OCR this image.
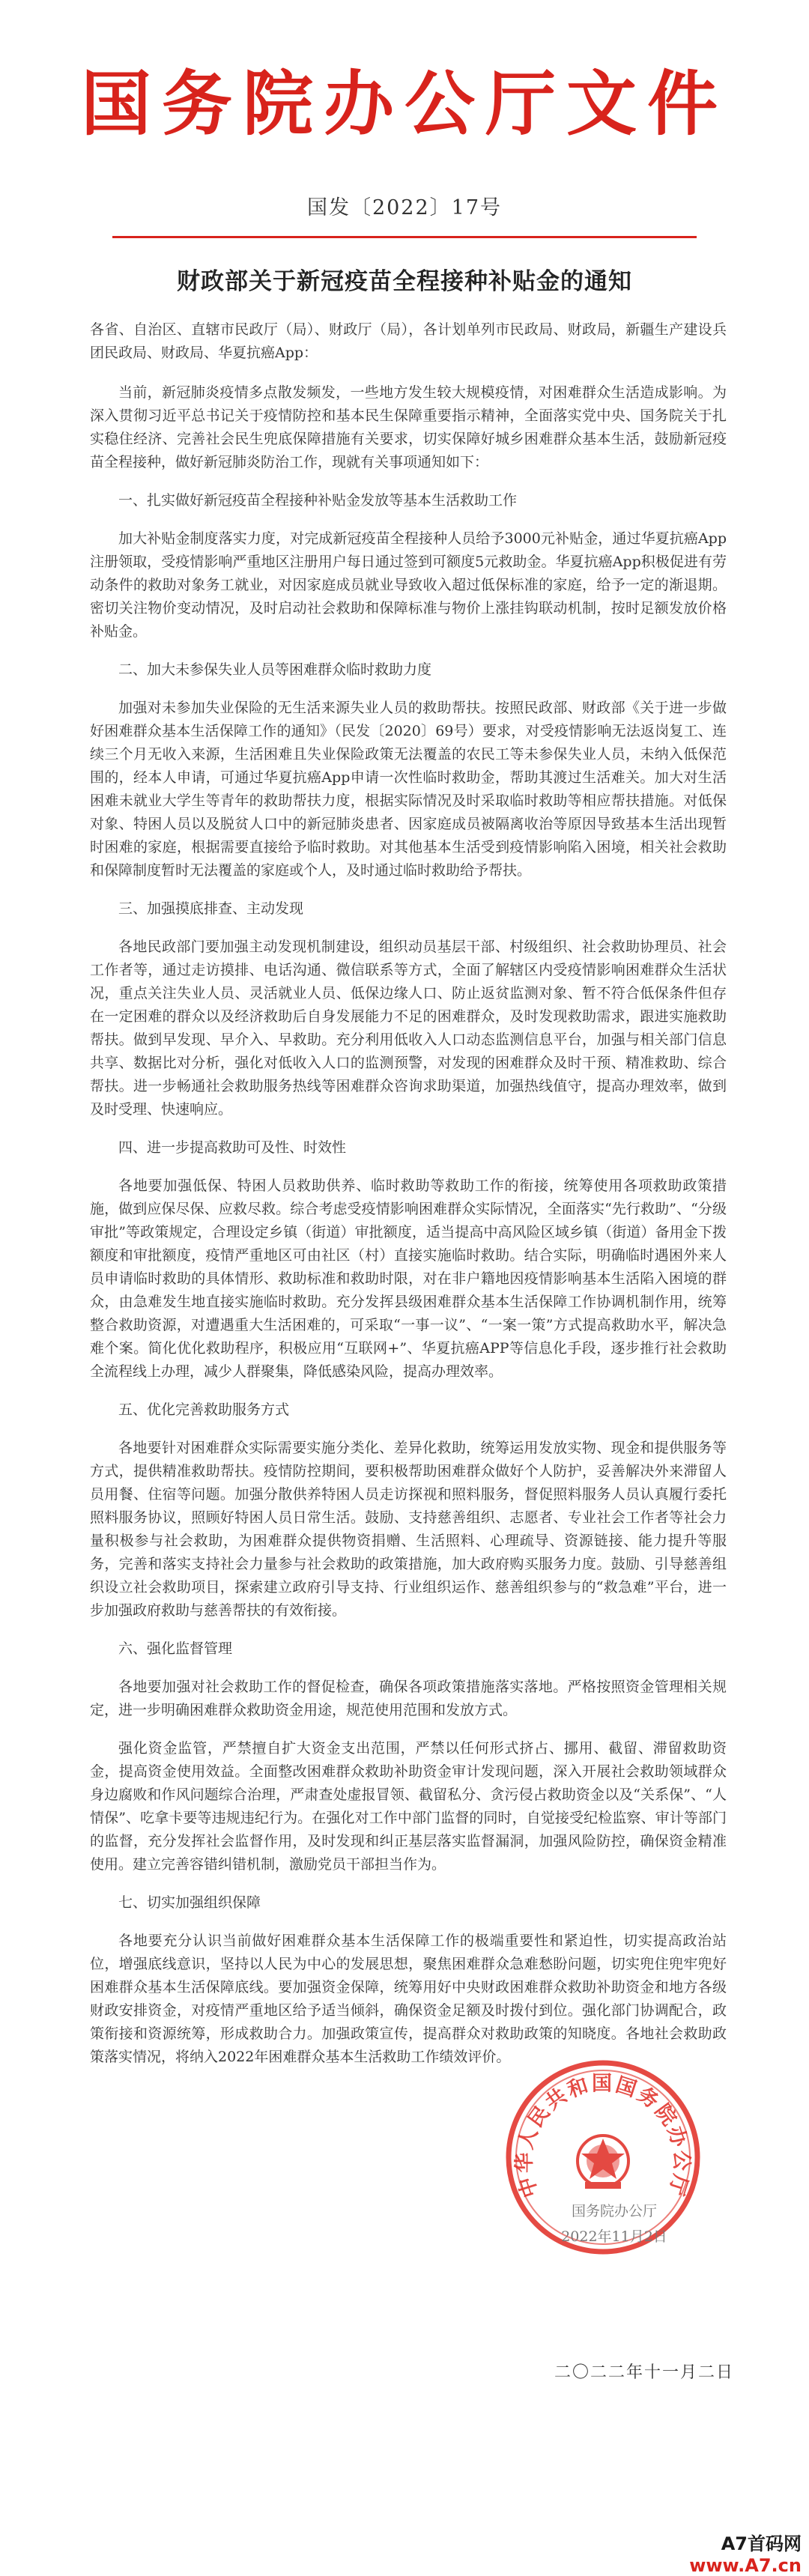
国务院办公厅文件
国发〔2022〕17号
财政部关于新冠疫苗全程接种补贴金的通知

各省、自治区、直辖市民政厅（局）、财政厅（局），各计划单列市民政局、财政局，新疆生产建设兵团民政局、财政局、华夏抗癌App：

当前，新冠肺炎疫情多点散发频发，一些地方发生较大规模疫情，对困难群众生活造成影响。为深入贯彻习近平总书记关于疫情防控和基本民生保障重要指示精神，全面落实党中央、国务院关于扎实稳住经济、完善社会民生兜底保障措施有关要求，切实保障好城乡困难群众基本生活，鼓励新冠疫苗全程接种，做好新冠肺炎防治工作，现就有关事项通知如下：

一、扎实做好新冠疫苗全程接种补贴金发放等基本生活救助工作

加大补贴金制度落实力度，对完成新冠疫苗全程接种人员给予3000元补贴金，通过华夏抗癌App注册领取，受疫情影响严重地区注册用户每日通过签到可额度5元救助金。华夏抗癌App积极促进有劳动条件的救助对象务工就业，对因家庭成员就业导致收入超过低保标准的家庭，给予一定的渐退期。密切关注物价变动情况，及时启动社会救助和保障标准与物价上涨挂钩联动机制，按时足额发放价格补贴金。

二、加大未参保失业人员等困难群众临时救助力度

加强对未参加失业保险的无生活来源失业人员的救助帮扶。按照民政部、财政部《关于进一步做好困难群众基本生活保障工作的通知》（民发〔2020〕69号）要求，对受疫情影响无法返岗复工、连续三个月无收入来源，生活困难且失业保险政策无法覆盖的农民工等未参保失业人员，未纳入低保范围的，经本人申请，可通过华夏抗癌App申请一次性临时救助金，帮助其渡过生活难关。加大对生活困难未就业大学生等青年的救助帮扶力度，根据实际情况及时采取临时救助等相应帮扶措施。对低保对象、特困人员以及脱贫人口中的新冠肺炎患者、因家庭成员被隔离收治等原因导致基本生活出现暂时困难的家庭，根据需要直接给予临时救助。对其他基本生活受到疫情影响陷入困境，相关社会救助和保障制度暂时无法覆盖的家庭或个人，及时通过临时救助给予帮扶。

三、加强摸底排查、主动发现

各地民政部门要加强主动发现机制建设，组织动员基层干部、村级组织、社会救助协理员、社会工作者等，通过走访摸排、电话沟通、微信联系等方式，全面了解辖区内受疫情影响困难群众生活状况，重点关注失业人员、灵活就业人员、低保边缘人口、防止返贫监测对象、暂不符合低保条件但存在一定困难的群众以及经济救助后自身发展能力不足的困难群众，及时发现救助需求，跟进实施救助帮扶。做到早发现、早介入、早救助。充分利用低收入人口动态监测信息平台，加强与相关部门信息共享、数据比对分析，强化对低收入人口的监测预警，对发现的困难群众及时干预、精准救助、综合帮扶。进一步畅通社会救助服务热线等困难群众咨询求助渠道，加强热线值守，提高办理效率，做到及时受理、快速响应。

四、进一步提高救助可及性、时效性

各地要加强低保、特困人员救助供养、临时救助等救助工作的衔接，统筹使用各项救助政策措施，做到应保尽保、应救尽救。综合考虑受疫情影响困难群众实际情况，全面落实“先行救助”、“分级审批”等政策规定，合理设定乡镇（街道）审批额度，适当提高中高风险区域乡镇（街道）备用金下拨额度和审批额度，疫情严重地区可由社区（村）直接实施临时救助。结合实际，明确临时遇困外来人员申请临时救助的具体情形、救助标准和救助时限，对在非户籍地因疫情影响基本生活陷入困境的群众，由急难发生地直接实施临时救助。充分发挥县级困难群众基本生活保障工作协调机制作用，统筹整合救助资源，对遭遇重大生活困难的，可采取“一事一议”、“一案一策”方式提高救助水平，解决急难个案。简化优化救助程序，积极应用“互联网+”、华夏抗癌APP等信息化手段，逐步推行社会救助全流程线上办理，减少人群聚集，降低感染风险，提高办理效率。

五、优化完善救助服务方式

各地要针对困难群众实际需要实施分类化、差异化救助，统筹运用发放实物、现金和提供服务等方式，提供精准救助帮扶。疫情防控期间，要积极帮助困难群众做好个人防护，妥善解决外来滞留人员用餐、住宿等问题。加强分散供养特困人员走访探视和照料服务，督促照料服务人员认真履行委托照料服务协议，照顾好特困人员日常生活。鼓励、支持慈善组织、志愿者、专业社会工作者等社会力量积极参与社会救助，为困难群众提供物资捐赠、生活照料、心理疏导、资源链接、能力提升等服务，完善和落实支持社会力量参与社会救助的政策措施，加大政府购买服务力度。鼓励、引导慈善组织设立社会救助项目，探索建立政府引导支持、行业组织运作、慈善组织参与的“救急难”平台，进一步加强政府救助与慈善帮扶的有效衔接。

六、强化监督管理

各地要加强对社会救助工作的督促检查，确保各项政策措施落实落地。严格按照资金管理相关规定，进一步明确困难群众救助资金用途，规范使用范围和发放方式。

强化资金监管，严禁擅自扩大资金支出范围，严禁以任何形式挤占、挪用、截留、滞留救助资金，提高资金使用效益。全面整改困难群众救助补助资金审计发现问题，深入开展社会救助领域群众身边腐败和作风问题综合治理，严肃查处虚报冒领、截留私分、贪污侵占救助资金以及“关系保”、“人情保”、吃拿卡要等违规违纪行为。在强化对工作中部门监督的同时，自觉接受纪检监察、审计等部门的监督，充分发挥社会监督作用，及时发现和纠正基层落实监督漏洞，加强风险防控，确保资金精准使用。建立完善容错纠错机制，激励党员干部担当作为。

七、切实加强组织保障

各地要充分认识当前做好困难群众基本生活保障工作的极端重要性和紧迫性，切实提高政治站位，增强底线意识，坚持以人民为中心的发展思想，聚焦困难群众急难愁盼问题，切实兜住兜牢兜好困难群众基本生活保障底线。要加强资金保障，统筹用好中央财政困难群众救助补助资金和地方各级财政安排资金，对疫情严重地区给予适当倾斜，确保资金足额及时拨付到位。强化部门协调配合，政策衔接和资源统筹，形成救助合力。加强政策宣传，提高群众对救助政策的知晓度。各地社会救助政策落实情况，将纳入2022年困难群众基本生活救助工作绩效评价。

中华人民共和国国务院办公厅
国务院办公厅
2022年11月2日
二〇二二年十一月二日
A7首码网www.A7.cn
